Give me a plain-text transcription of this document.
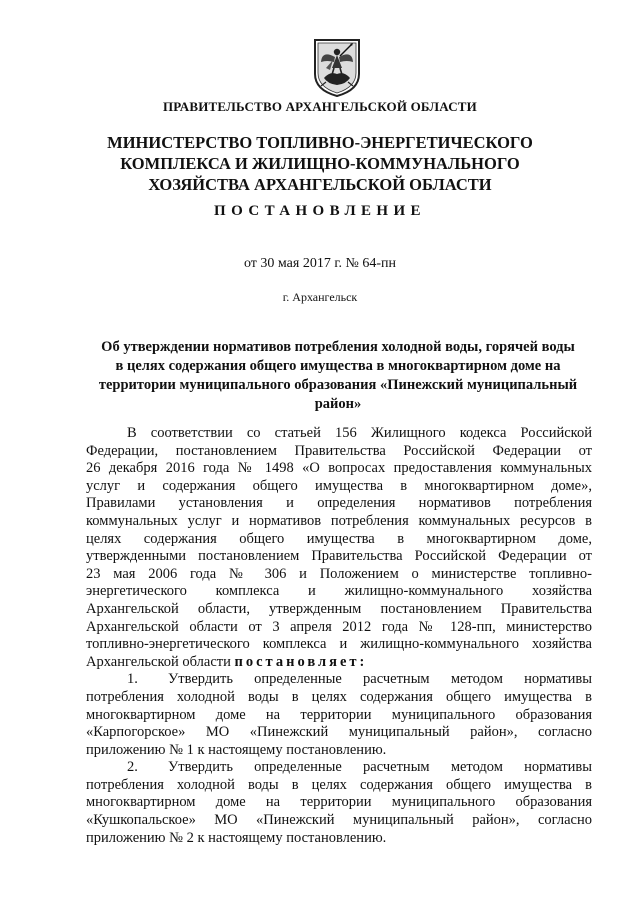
ПРАВИТЕЛЬСТВО АРХАНГЕЛЬСКОЙ ОБЛАСТИ
МИНИСТЕРСТВО ТОПЛИВНО-ЭНЕРГЕТИЧЕСКОГО
КОМПЛЕКСА И ЖИЛИЩНО-КОММУНАЛЬНОГО
ХОЗЯЙСТВА АРХАНГЕЛЬСКОЙ ОБЛАСТИ
ПОСТАНОВЛЕНИЕ
от 30 мая 2017 г. № 64-пн
г. Архангельск
Об утверждении нормативов потребления холодной воды, горячей воды
в целях содержания общего имущества в многоквартирном доме на
территории муниципального образования «Пинежский муниципальный
район»
В соответствии со статьей 156 Жилищного кодекса Российской
Федерации, постановлением Правительства Российской Федерации от
26 декабря 2016 года № 1498 «О вопросах предоставления коммунальных
услуг и содержания общего имущества в многоквартирном доме»,
Правилами установления и определения нормативов потребления
коммунальных услуг и нормативов потребления коммунальных ресурсов в
целях содержания общего имущества в многоквартирном доме,
утвержденными постановлением Правительства Российской Федерации от
23 мая 2006 года № 306 и Положением о министерстве топливно-
энергетического комплекса и жилищно-коммунального хозяйства
Архангельской области, утвержденным постановлением Правительства
Архангельской области от 3 апреля 2012 года № 128-пп, министерство
топливно-энергетического комплекса и жилищно-коммунального хозяйства
Архангельской области постановляет:
1. Утвердить определенные расчетным методом нормативы
потребления холодной воды в целях содержания общего имущества в
многоквартирном доме на территории муниципального образования
«Карпогорское» МО «Пинежский муниципальный район», согласно
приложению № 1 к настоящему постановлению.
2. Утвердить определенные расчетным методом нормативы
потребления холодной воды в целях содержания общего имущества в
многоквартирном доме на территории муниципального образования
«Кушкопальское» МО «Пинежский муниципальный район», согласно
приложению № 2 к настоящему постановлению.
